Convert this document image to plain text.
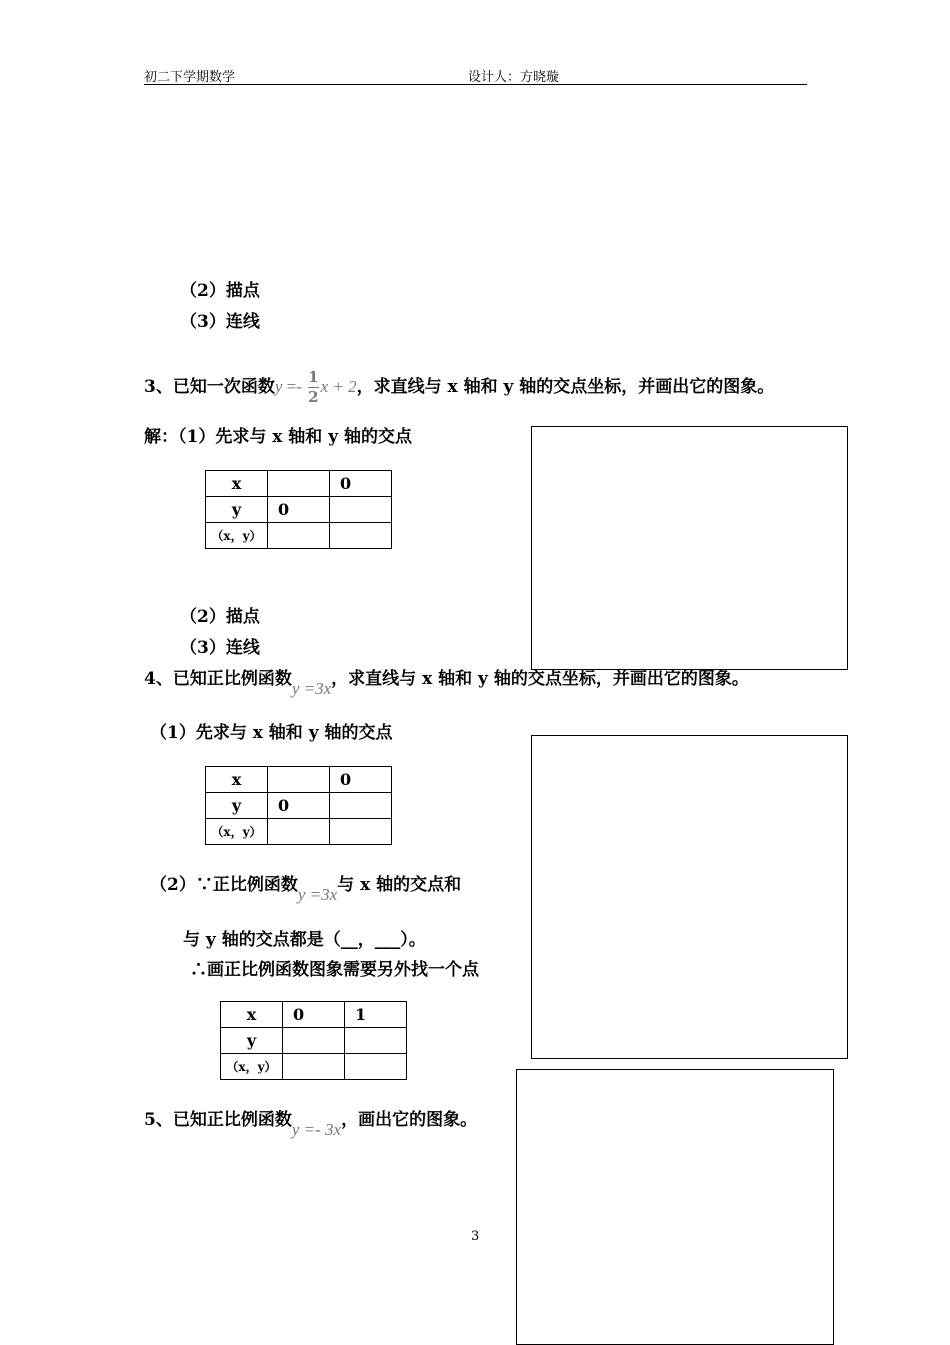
初二下学期数学	设计人：方晓璇
（2）描点
（3）连线
3、已知一次函数$y =- \frac{1}{2}$ x + 2，求直线与 x 轴和 y 轴的交点坐标，并画出它的图象。
解：（1）先求与 x 轴和 y 轴的交点
x		0
y	0	
（x，y）		
（2）描点
（3）连线
4、已知正比例函数y =3x，求直线与 x 轴和 y 轴的交点坐标，并画出它的图象。
（1）先求与 x 轴和 y 轴的交点
x		0
y	0	
（x，y）		
（2）∵正比例函数y =3x与 x 轴的交点和
与 y 轴的交点都是（__，___）。
∴画正比例函数图象需要另外找一个点
x	0	1
y		
（x，y）		
5、已知正比例函数y =- 3x，画出它的图象。
3
